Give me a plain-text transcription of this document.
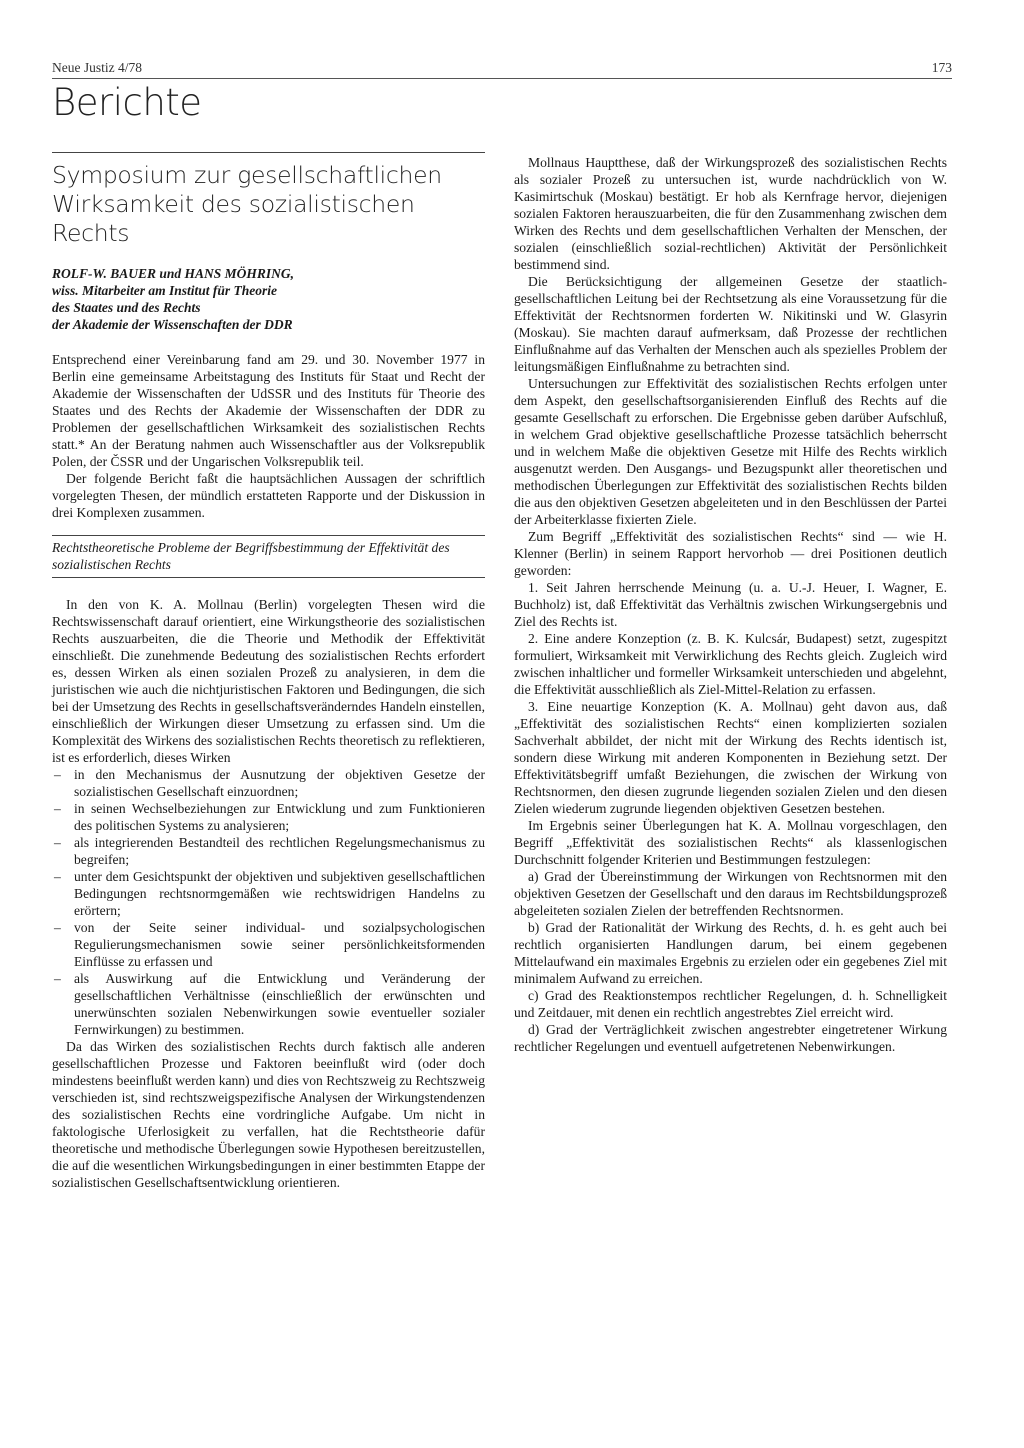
Neue Justiz 4/78	173
Berichte
Symposium zur gesellschaftlichen
Wirksamkeit des sozialistischen Rechts
ROLF-W. BAUER und HANS MÖHRING,
wiss. Mitarbeiter am Institut für Theorie
des Staates und des Rechts
der Akademie der Wissenschaften der DDR

Entsprechend einer Vereinbarung fand am 29. und 30. November 1977 in Berlin eine gemeinsame Arbeitstagung des Instituts für Staat und Recht der Akademie der Wissenschaften der UdSSR und des Instituts für Theorie des Staates und des Rechts der Akademie der Wissenschaften der DDR zu Problemen der gesellschaftlichen Wirksamkeit des sozialistischen Rechts statt.* An der Beratung nahmen auch Wissenschaftler aus der Volksrepublik Polen, der ČSSR und der Ungarischen Volksrepublik teil.

Der folgende Bericht faßt die hauptsächlichen Aussagen der schriftlich vorgelegten Thesen, der mündlich erstatteten Rapporte und der Diskussion in drei Komplexen zusammen.

Rechtstheoretische Probleme der Begriffsbestimmung der Effektivität des sozialistischen Rechts

In den von K. A. Mollnau (Berlin) vorgelegten Thesen wird die Rechtswissenschaft darauf orientiert, eine Wirkungstheorie des sozialistischen Rechts auszuarbeiten, die die Theorie und Methodik der Effektivität einschließt. Die zunehmende Bedeutung des sozialistischen Rechts erfordert es, dessen Wirken als einen sozialen Prozeß zu analysieren, in dem die juristischen wie auch die nichtjuristischen Faktoren und Bedingungen, die sich bei der Umsetzung des Rechts in gesellschaftsveränderndes Handeln einstellen, einschließlich der Wirkungen dieser Umsetzung zu erfassen sind. Um die Komplexität des Wirkens des sozialistischen Rechts theoretisch zu reflektieren, ist es erforderlich, dieses Wirken

– in den Mechanismus der Ausnutzung der objektiven Gesetze der sozialistischen Gesellschaft einzuordnen;
– in seinen Wechselbeziehungen zur Entwicklung und zum Funktionieren des politischen Systems zu analysieren;
– als integrierenden Bestandteil des rechtlichen Regelungsmechanismus zu begreifen;
– unter dem Gesichtspunkt der objektiven und subjektiven gesellschaftlichen Bedingungen rechtsnormgemäßen wie rechtswidrigen Handelns zu erörtern;
– von der Seite seiner individual- und sozialpsychologischen Regulierungsmechanismen sowie seiner persönlichkeitsformenden Einflüsse zu erfassen und
– als Auswirkung auf die Entwicklung und Veränderung der gesellschaftlichen Verhältnisse (einschließlich der erwünschten und unerwünschten sozialen Nebenwirkungen sowie eventueller sozialer Fernwirkungen) zu bestimmen.

Da das Wirken des sozialistischen Rechts durch faktisch alle anderen gesellschaftlichen Prozesse und Faktoren beeinflußt wird (oder doch mindestens beeinflußt werden kann) und dies von Rechtszweig zu Rechtszweig verschieden ist, sind rechtszweigspezifische Analysen der Wirkungstendenzen des sozialistischen Rechts eine vordringliche Aufgabe. Um nicht in faktologische Uferlosigkeit zu verfallen, hat die Rechtstheorie dafür theoretische und methodische Überlegungen sowie Hypothesen bereitzustellen, die auf die wesentlichen Wirkungsbedingungen in einer bestimmten Etappe der sozialistischen Gesellschaftsentwicklung orientieren.

Mollnaus Hauptthese, daß der Wirkungsprozeß des sozialistischen Rechts als sozialer Prozeß zu untersuchen ist, wurde nachdrücklich von W. Kasimirtschuk (Moskau) bestätigt. Er hob als Kernfrage hervor, diejenigen sozialen Faktoren herauszuarbeiten, die für den Zusammenhang zwischen dem Wirken des Rechts und dem gesellschaftlichen Verhalten der Menschen, der sozialen (einschließlich sozial-rechtlichen) Aktivität der Persönlichkeit bestimmend sind.

Die Berücksichtigung der allgemeinen Gesetze der staatlich-gesellschaftlichen Leitung bei der Rechtsetzung als eine Voraussetzung für die Effektivität der Rechtsnormen forderten W. Nikitinski und W. Glasyrin (Moskau). Sie machten darauf aufmerksam, daß Prozesse der rechtlichen Einflußnahme auf das Verhalten der Menschen auch als spezielles Problem der leitungsmäßigen Einflußnahme zu betrachten sind.

Untersuchungen zur Effektivität des sozialistischen Rechts erfolgen unter dem Aspekt, den gesellschaftsorganisierenden Einfluß des Rechts auf die gesamte Gesellschaft zu erforschen. Die Ergebnisse geben darüber Aufschluß, in welchem Grad objektive gesellschaftliche Prozesse tatsächlich beherrscht und in welchem Maße die objektiven Gesetze mit Hilfe des Rechts wirklich ausgenutzt werden. Den Ausgangs- und Bezugspunkt aller theoretischen und methodischen Überlegungen zur Effektivität des sozialistischen Rechts bilden die aus den objektiven Gesetzen abgeleiteten und in den Beschlüssen der Partei der Arbeiterklasse fixierten Ziele.

Zum Begriff „Effektivität des sozialistischen Rechts“ sind — wie H. Klenner (Berlin) in seinem Rapport hervorhob — drei Positionen deutlich geworden:

1. Seit Jahren herrschende Meinung (u. a. U.-J. Heuer, I. Wagner, E. Buchholz) ist, daß Effektivität das Verhältnis zwischen Wirkungsergebnis und Ziel des Rechts ist.

2. Eine andere Konzeption (z. B. K. Kulcsár, Budapest) setzt, zugespitzt formuliert, Wirksamkeit mit Verwirklichung des Rechts gleich. Zugleich wird zwischen inhaltlicher und formeller Wirksamkeit unterschieden und abgelehnt, die Effektivität ausschließlich als Ziel-Mittel-Relation zu erfassen.

3. Eine neuartige Konzeption (K. A. Mollnau) geht davon aus, daß „Effektivität des sozialistischen Rechts“ einen komplizierten sozialen Sachverhalt abbildet, der nicht mit der Wirkung des Rechts identisch ist, sondern diese Wirkung mit anderen Komponenten in Beziehung setzt. Der Effektivitätsbegriff umfaßt Beziehungen, die zwischen der Wirkung von Rechtsnormen, den diesen zugrunde liegenden sozialen Zielen und den diesen Zielen wiederum zugrunde liegenden objektiven Gesetzen bestehen.

Im Ergebnis seiner Überlegungen hat K. A. Mollnau vorgeschlagen, den Begriff „Effektivität des sozialistischen Rechts“ als klassenlogischen Durchschnitt folgender Kriterien und Bestimmungen festzulegen:

a) Grad der Übereinstimmung der Wirkungen von Rechtsnormen mit den objektiven Gesetzen der Gesellschaft und den daraus im Rechtsbildungsprozeß abgeleiteten sozialen Zielen der betreffenden Rechtsnormen.

b) Grad der Rationalität der Wirkung des Rechts, d. h. es geht auch bei rechtlich organisierten Handlungen darum, bei einem gegebenen Mittelaufwand ein maximales Ergebnis zu erzielen oder ein gegebenes Ziel mit minimalem Aufwand zu erreichen.

c) Grad des Reaktionstempos rechtlicher Regelungen, d. h. Schnelligkeit und Zeitdauer, mit denen ein rechtlich angestrebtes Ziel erreicht wird.

d) Grad der Verträglichkeit zwischen angestrebter eingetretener Wirkung rechtlicher Regelungen und eventuell aufgetretenen Nebenwirkungen.
